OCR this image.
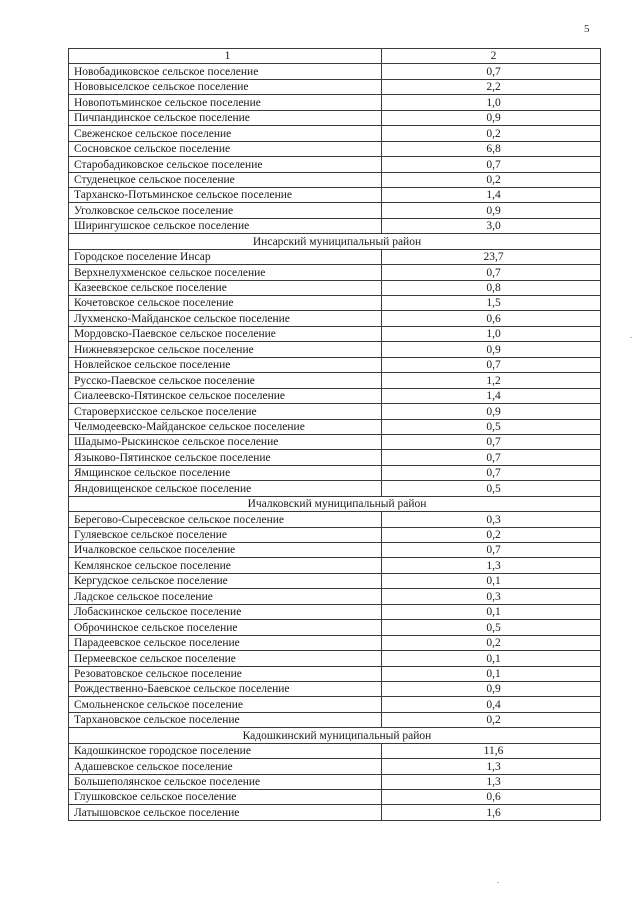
5
1	2
Новобадиковское сельское поселение	0,7
Нововыселское сельское поселение	2,2
Новопотьминское сельское поселение	1,0
Пичпандинское сельское поселение	0,9
Свеженское сельское поселение	0,2
Сосновское сельское поселение	6,8
Старобадиковское сельское поселение	0,7
Студенецкое сельское поселение	0,2
Тарханско-Потьминское сельское поселение	1,4
Уголковское сельское поселение	0,9
Ширингушское сельское поселение	3,0
Инсарский муниципальный район	
Городское поселение Инсар	23,7
Верхнелухменское сельское поселение	0,7
Казеевское сельское поселение	0,8
Кочетовское сельское поселение	1,5
Лухменско-Майданское сельское поселение	0,6
Мордовско-Паевское сельское поселение	1,0
Нижневязерское сельское поселение	0,9
Новлейское сельское поселение	0,7
Русско-Паевское сельское поселение	1,2
Сиалеевско-Пятинское сельское поселение	1,4
Староверхисское сельское поселение	0,9
Челмодеевско-Майданское сельское поселение	0,5
Шадымо-Рыскинское сельское поселение	0,7
Языково-Пятинское сельское поселение	0,7
Ямщинское сельское поселение	0,7
Яндовищенское сельское поселение	0,5
Ичалковский муниципальный район	
Берегово-Сыресевское сельское поселение	0,3
Гуляевское сельское поселение	0,2
Ичалковское сельское поселение	0,7
Кемлянское сельское поселение	1,3
Кергудское сельское поселение	0,1
Ладское сельское поселение	0,3
Лобаскинское сельское поселение	0,1
Оброчинское сельское поселение	0,5
Парадеевское сельское поселение	0,2
Пермеевское сельское поселение	0,1
Резоватовское сельское поселение	0,1
Рождественно-Баевское сельское поселение	0,9
Смольненское сельское поселение	0,4
Тархановское сельское поселение	0,2
Кадошкинский муниципальный район	
Кадошкинское городское поселение	11,6
Адашевское сельское поселение	1,3
Большеполянское сельское поселение	1,3
Глушковское сельское поселение	0,6
Латышовское сельское поселение	1,6
